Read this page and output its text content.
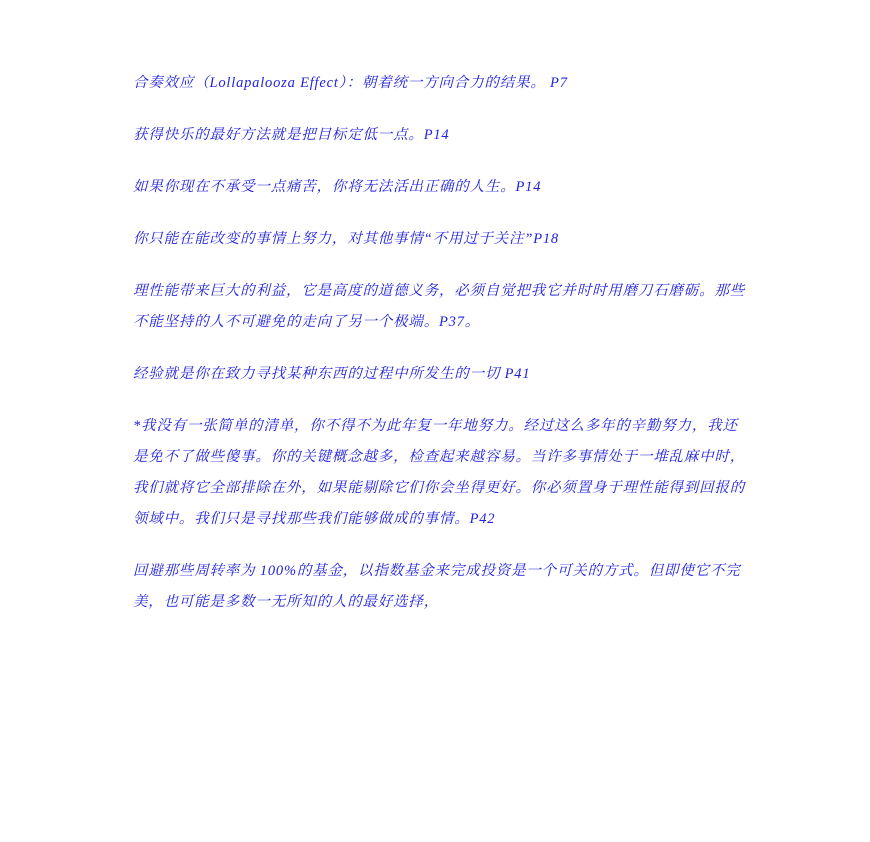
合奏效应（Lollapalooza Effect）：朝着统一方向合力的结果。 P7

获得快乐的最好方法就是把目标定低一点。P14

如果你现在不承受一点痛苦，你将无法活出正确的人生。P14

你只能在能改变的事情上努力，对其他事情“不用过于关注”P18

理性能带来巨大的利益，它是高度的道德义务，必须自觉把我它并时时用磨刀石磨砺。那些不能坚持的人不可避免的走向了另一个极端。P37。

经验就是你在致力寻找某种东西的过程中所发生的一切 P41

*我没有一张简单的清单，你不得不为此年复一年地努力。经过这么多年的辛勤努力，我还是免不了做些傻事。你的关键概念越多，检查起来越容易。当许多事情处于一堆乱麻中时，我们就将它全部排除在外，如果能剔除它们你会坐得更好。你必须置身于理性能得到回报的领域中。我们只是寻找那些我们能够做成的事情。P42

回避那些周转率为 100%的基金，以指数基金来完成投资是一个可关的方式。但即使它不完美，也可能是多数一无所知的人的最好选择，
